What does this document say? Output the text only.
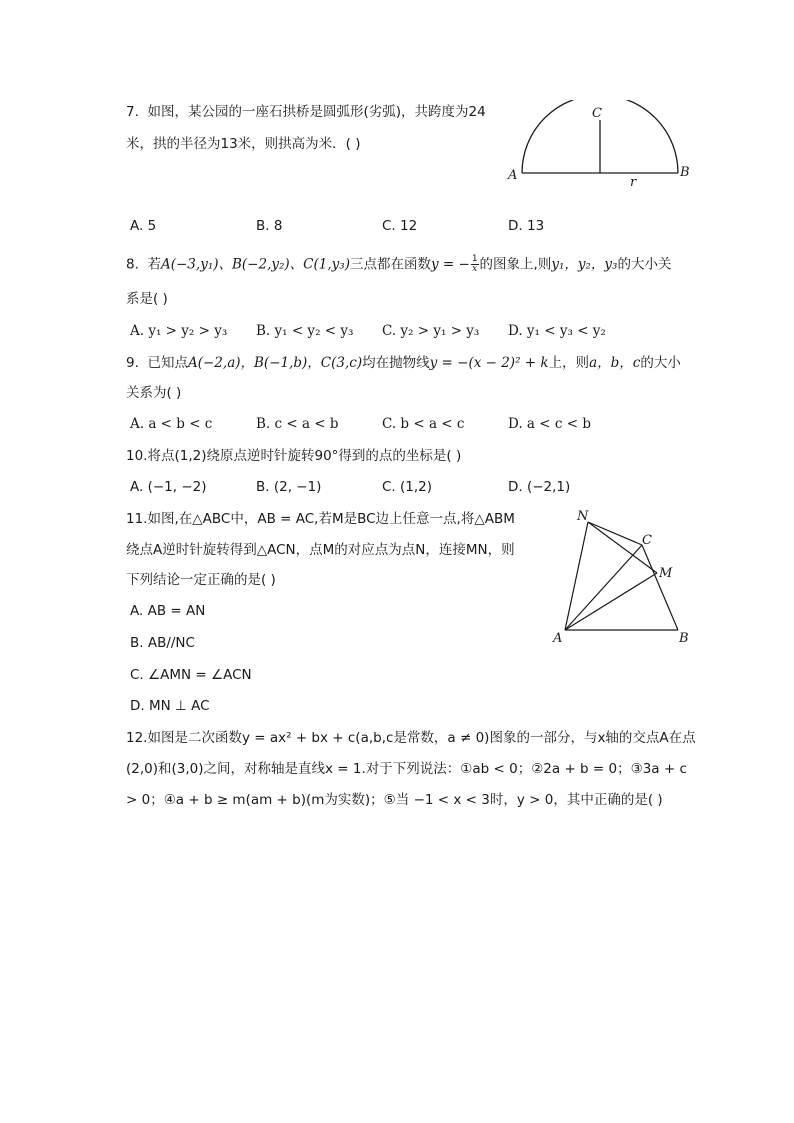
7. 如图，某公园的一座石拱桥是圆弧形(劣弧)，共跨度为24
米，拱的半径为13米，则拱高为米．( )
C
A	B
r
A. 5	B. 8	C. 12	D. 13
8. 若A(−3,y₁)、B(−2,y₂)、C(1,y₃)三点都在函数y = − $\frac{1}{x}$ 的图象上,则y₁，y₂，y₃的大小关
系是( )
A. y₁ > y₂ > y₃ B. y₁ < y₂ < y₃ C. y₂ > y₁ > y₃ D. y₁ < y₃ < y₂
9. 已知点A(−2,a)，B(−1,b)，C(3,c)均在抛物线y = −(x − 2)² + k上，则a，b，c的大小
关系为( )
A. a < b < c	B. c < a < b	C. b < a < c	D. a < c < b
10.将点(1,2)绕原点逆时针旋转90°得到的点的坐标是( )
A. (−1, −2)	B. (2, −1)	C. (1,2)	D. (−2,1)
11.如图,在△ABC中，AB = AC,若M是BC边上任意一点,将△ABM
绕点A逆时针旋转得到△ACN，点M的对应点为点N，连接MN，则
下列结论一定正确的是( )
A. AB = AN
B. AB//NC
C. ∠AMN = ∠ACN
D. MN ⊥ AC
N
C
M
A	B
12.如图是二次函数y = ax² + bx + c(a,b,c是常数，a ≠ 0)图象的一部分，与x轴的交点A在点
(2,0)和(3,0)之间，对称轴是直线x = 1.对于下列说法：①ab < 0；②2a + b = 0；③3a + c
> 0；④a + b ≥ m(am + b)(m为实数)；⑤当 −1 < x < 3时，y > 0，其中正确的是( )
